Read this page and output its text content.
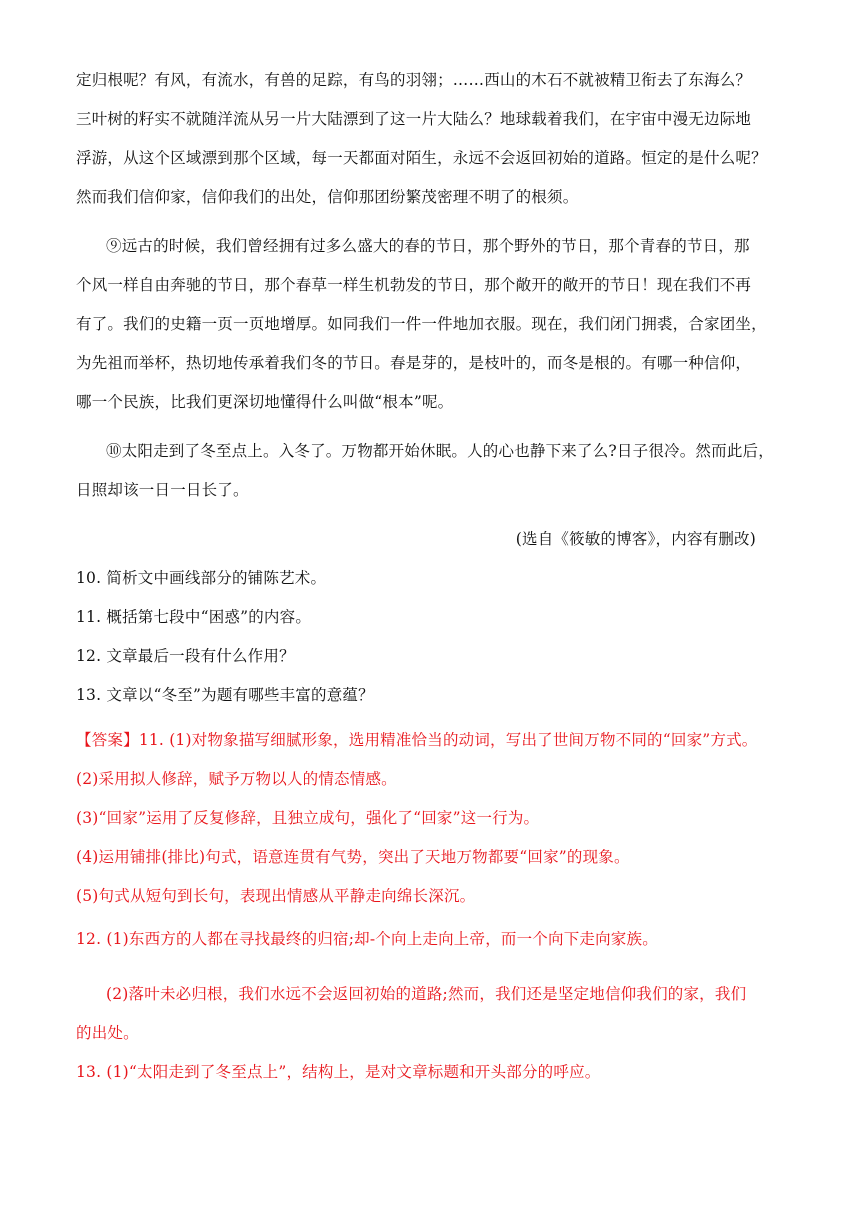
定归根呢？有风，有流水，有兽的足踪，有鸟的羽翎；……西山的木石不就被精卫衔去了东海么？
三叶树的籽实不就随洋流从另一片大陆漂到了这一片大陆么？地球载着我们，在宇宙中漫无边际地
浮游，从这个区域漂到那个区域，每一天都面对陌生，永远不会返回初始的道路。恒定的是什么呢？
然而我们信仰家，信仰我们的出处，信仰那团纷繁茂密理不明了的根须。
⑨远古的时候，我们曾经拥有过多么盛大的春的节日，那个野外的节日，那个青春的节日，那
个风一样自由奔驰的节日，那个春草一样生机勃发的节日，那个敞开的敞开的节日！现在我们不再
有了。我们的史籍一页一页地增厚。如同我们一件一件地加衣服。现在，我们闭门拥裘，合家团坐，
为先祖而举杯，热切地传承着我们冬的节日。春是芽的，是枝叶的，而冬是根的。有哪一种信仰，
哪一个民族，比我们更深切地懂得什么叫做“根本”呢。
⑩太阳走到了冬至点上。入冬了。万物都开始休眠。人的心也静下来了么?日子很冷。然而此后，
日照却该一日一日长了。
(选自《筱敏的博客》，内容有删改)
10. 简析文中画线部分的铺陈艺术。
11. 概括第七段中“困惑”的内容。
12. 文章最后一段有什么作用？
13. 文章以“冬至”为题有哪些丰富的意蕴？
【答案】11. (1)对物象描写细腻形象，选用精准恰当的动词，写出了世间万物不同的“回家”方式。
(2)采用拟人修辞，赋予万物以人的情态情感。
(3)“回家”运用了反复修辞，且独立成句，强化了“回家”这一行为。
(4)运用铺排(排比)句式，语意连贯有气势，突出了天地万物都要“回家”的现象。
(5)句式从短句到长句，表现出情感从平静走向绵长深沉。
12. (1)东西方的人都在寻找最终的归宿;却-个向上走向上帝，而一个向下走向家族。
(2)落叶未必归根，我们水远不会返回初始的道路;然而，我们还是坚定地信仰我们的家，我们
的出处。
13. (1)“太阳走到了冬至点上”，结构上，是对文章标题和开头部分的呼应。
